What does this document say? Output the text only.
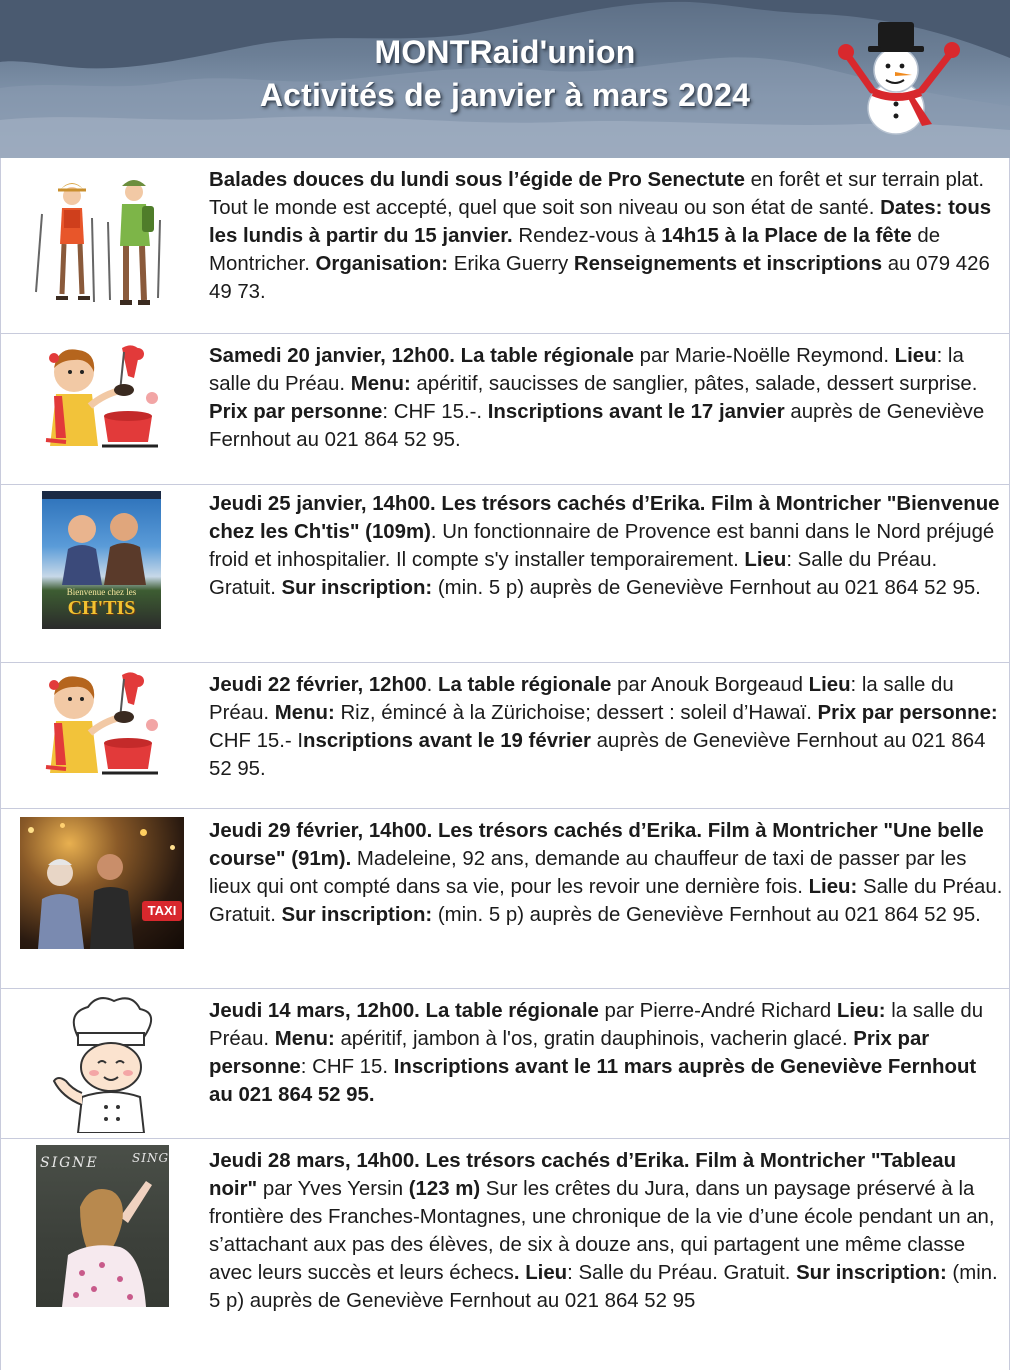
MONTRaid'union
Activités de janvier à mars 2024
Balades douces du lundi sous l’égide de Pro Senectute en forêt et sur terrain plat. Tout le monde est accepté, quel que soit son niveau ou son état de santé. Dates: tous les lundis à partir du 15 janvier. Rendez-vous à 14h15 à la Place de la fête de Montricher. Organisation: Erika Guerry Renseignements et inscriptions au 079 426 49 73.
Samedi 20 janvier, 12h00. La table régionale par Marie-Noëlle Reymond. Lieu: la salle du Préau. Menu: apéritif, saucisses de sanglier, pâtes, salade, dessert surprise. Prix par personne: CHF 15.-. Inscriptions avant le 17 janvier auprès de Geneviève Fernhout au 021 864 52 95.
Bienvenue chez les
CH'TIS
Jeudi 25 janvier, 14h00. Les trésors cachés d’Erika. Film à Montricher "Bienvenue chez les Ch'tis" (109m). Un fonctionnaire de Provence est banni dans le Nord préjugé froid et inhospitalier. Il compte s'y installer temporairement. Lieu: Salle du Préau. Gratuit. Sur inscription: (min. 5 p) auprès de Geneviève Fernhout au 021 864 52 95.
Jeudi 22 février, 12h00. La table régionale par Anouk Borgeaud Lieu: la salle du Préau. Menu: Riz, émincé à la Zürichoise; dessert : soleil d’Hawaï. Prix par personne: CHF 15.- Inscriptions avant le 19 février auprès de Geneviève Fernhout au 021 864 52 95.
TAXI
Jeudi 29 février, 14h00. Les trésors cachés d’Erika. Film à Montricher "Une belle course" (91m). Madeleine, 92 ans, demande au chauffeur de taxi de passer par les lieux qui ont compté dans sa vie, pour les revoir une dernière fois. Lieu: Salle du Préau. Gratuit. Sur inscription: (min. 5 p) auprès de Geneviève Fernhout au 021 864 52 95.
Jeudi 14 mars, 12h00. La table régionale par Pierre-André Richard Lieu: la salle du Préau. Menu: apéritif, jambon à l'os, gratin dauphinois, vacherin glacé. Prix par personne: CHF 15. Inscriptions avant le 11 mars auprès de Geneviève Fernhout au 021 864 52 95.
SIGNE	SING Jeudi 28 mars, 14h00. Les trésors cachés d’Erika. Film à Montricher "Tableau noir" par Yves Yersin (123 m) Sur les crêtes du Jura, dans un paysage préservé à la frontière des Franches-Montagnes, une chronique de la vie d’une école pendant un an, s’attachant aux pas des élèves, de six à douze ans, qui partagent une même classe avec leurs succès et leurs échecs. Lieu: Salle du Préau. Gratuit. Sur inscription: (min. 5 p) auprès de Geneviève Fernhout au 021 864 52 95
